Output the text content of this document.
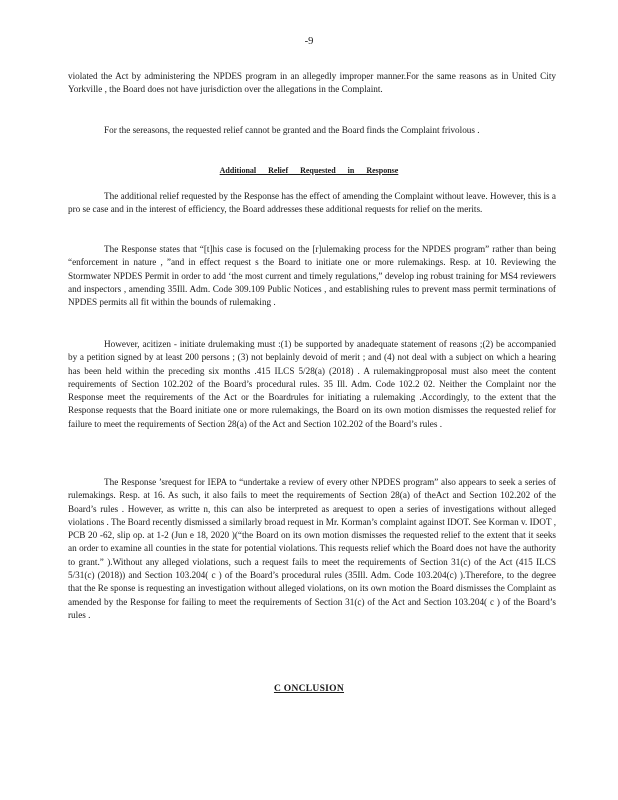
-9

violated the Act by administering the NPDES program in an allegedly improper manner.For the same reasons as in United City Yorkville , the Board does not have jurisdiction over the allegations in the Complaint.

For the sereasons, the requested relief cannot be granted and the Board finds the Complaint frivolous .

Additional Relief Requested in Response

The additional relief requested by the Response has the effect of amending the Complaint without leave. However, this is a pro se case and in the interest of efficiency, the Board addresses these additional requests for relief on the merits.

The Response states that “[t]his case is focused on the [r]ulemaking process for the NPDES program” rather than being “enforcement in nature , ”and in effect request s the Board to initiate one or more rulemakings. Resp. at 10. Reviewing the Stormwater NPDES Permit in order to add ‘the most current and timely regulations,” develop ing robust training for MS4 reviewers and inspectors , amending 35Ill. Adm. Code 309.109 Public Notices , and establishing rules to prevent mass permit terminations of NPDES permits all fit within the bounds of rulemaking .

However, acitizen - initiate drulemaking must :(1) be supported by anadequate statement of reasons ;(2) be accompanied by a petition signed by at least 200 persons ; (3) not beplainly devoid of merit ; and (4) not deal with a subject on which a hearing has been held within the preceding six months .415 ILCS 5/28(a) (2018) . A rulemakingproposal must also meet the content requirements of Section 102.202 of the Board’s procedural rules. 35 Ill. Adm. Code 102.2 02. Neither the Complaint nor the Response meet the requirements of the Act or the Boardrules for initiating a rulemaking .Accordingly, to the extent that the Response requests that the Board initiate one or more rulemakings, the Board on its own motion dismisses the requested relief for failure to meet the requirements of Section 28(a) of the Act and Section 102.202 of the Board’s rules .

The Response ’srequest for IEPA to “undertake a review of every other NPDES program” also appears to seek a series of rulemakings. Resp. at 16. As such, it also fails to meet the requirements of Section 28(a) of theAct and Section 102.202 of the Board’s rules . However, as writte n, this can also be interpreted as arequest to open a series of investigations without alleged violations . The Board recently dismissed a similarly broad request in Mr. Korman’s complaint against IDOT. See Korman v. IDOT , PCB 20 -62, slip op. at 1-2 (Jun e 18, 2020 )(“the Board on its own motion dismisses the requested relief to the extent that it seeks an order to examine all counties in the state for potential violations. This requests relief which the Board does not have the authority to grant.” ).Without any alleged violations, such a request fails to meet the requirements of Section 31(c) of the Act (415 ILCS 5/31(c) (2018)) and Section 103.204( c ) of the Board’s procedural rules (35Ill. Adm. Code 103.204(c) ).Therefore, to the degree that the Re sponse is requesting an investigation without alleged violations, on its own motion the Board dismisses the Complaint as amended by the Response for failing to meet the requirements of Section 31(c) of the Act and Section 103.204( c ) of the Board’s rules .

C ONCLUSION
